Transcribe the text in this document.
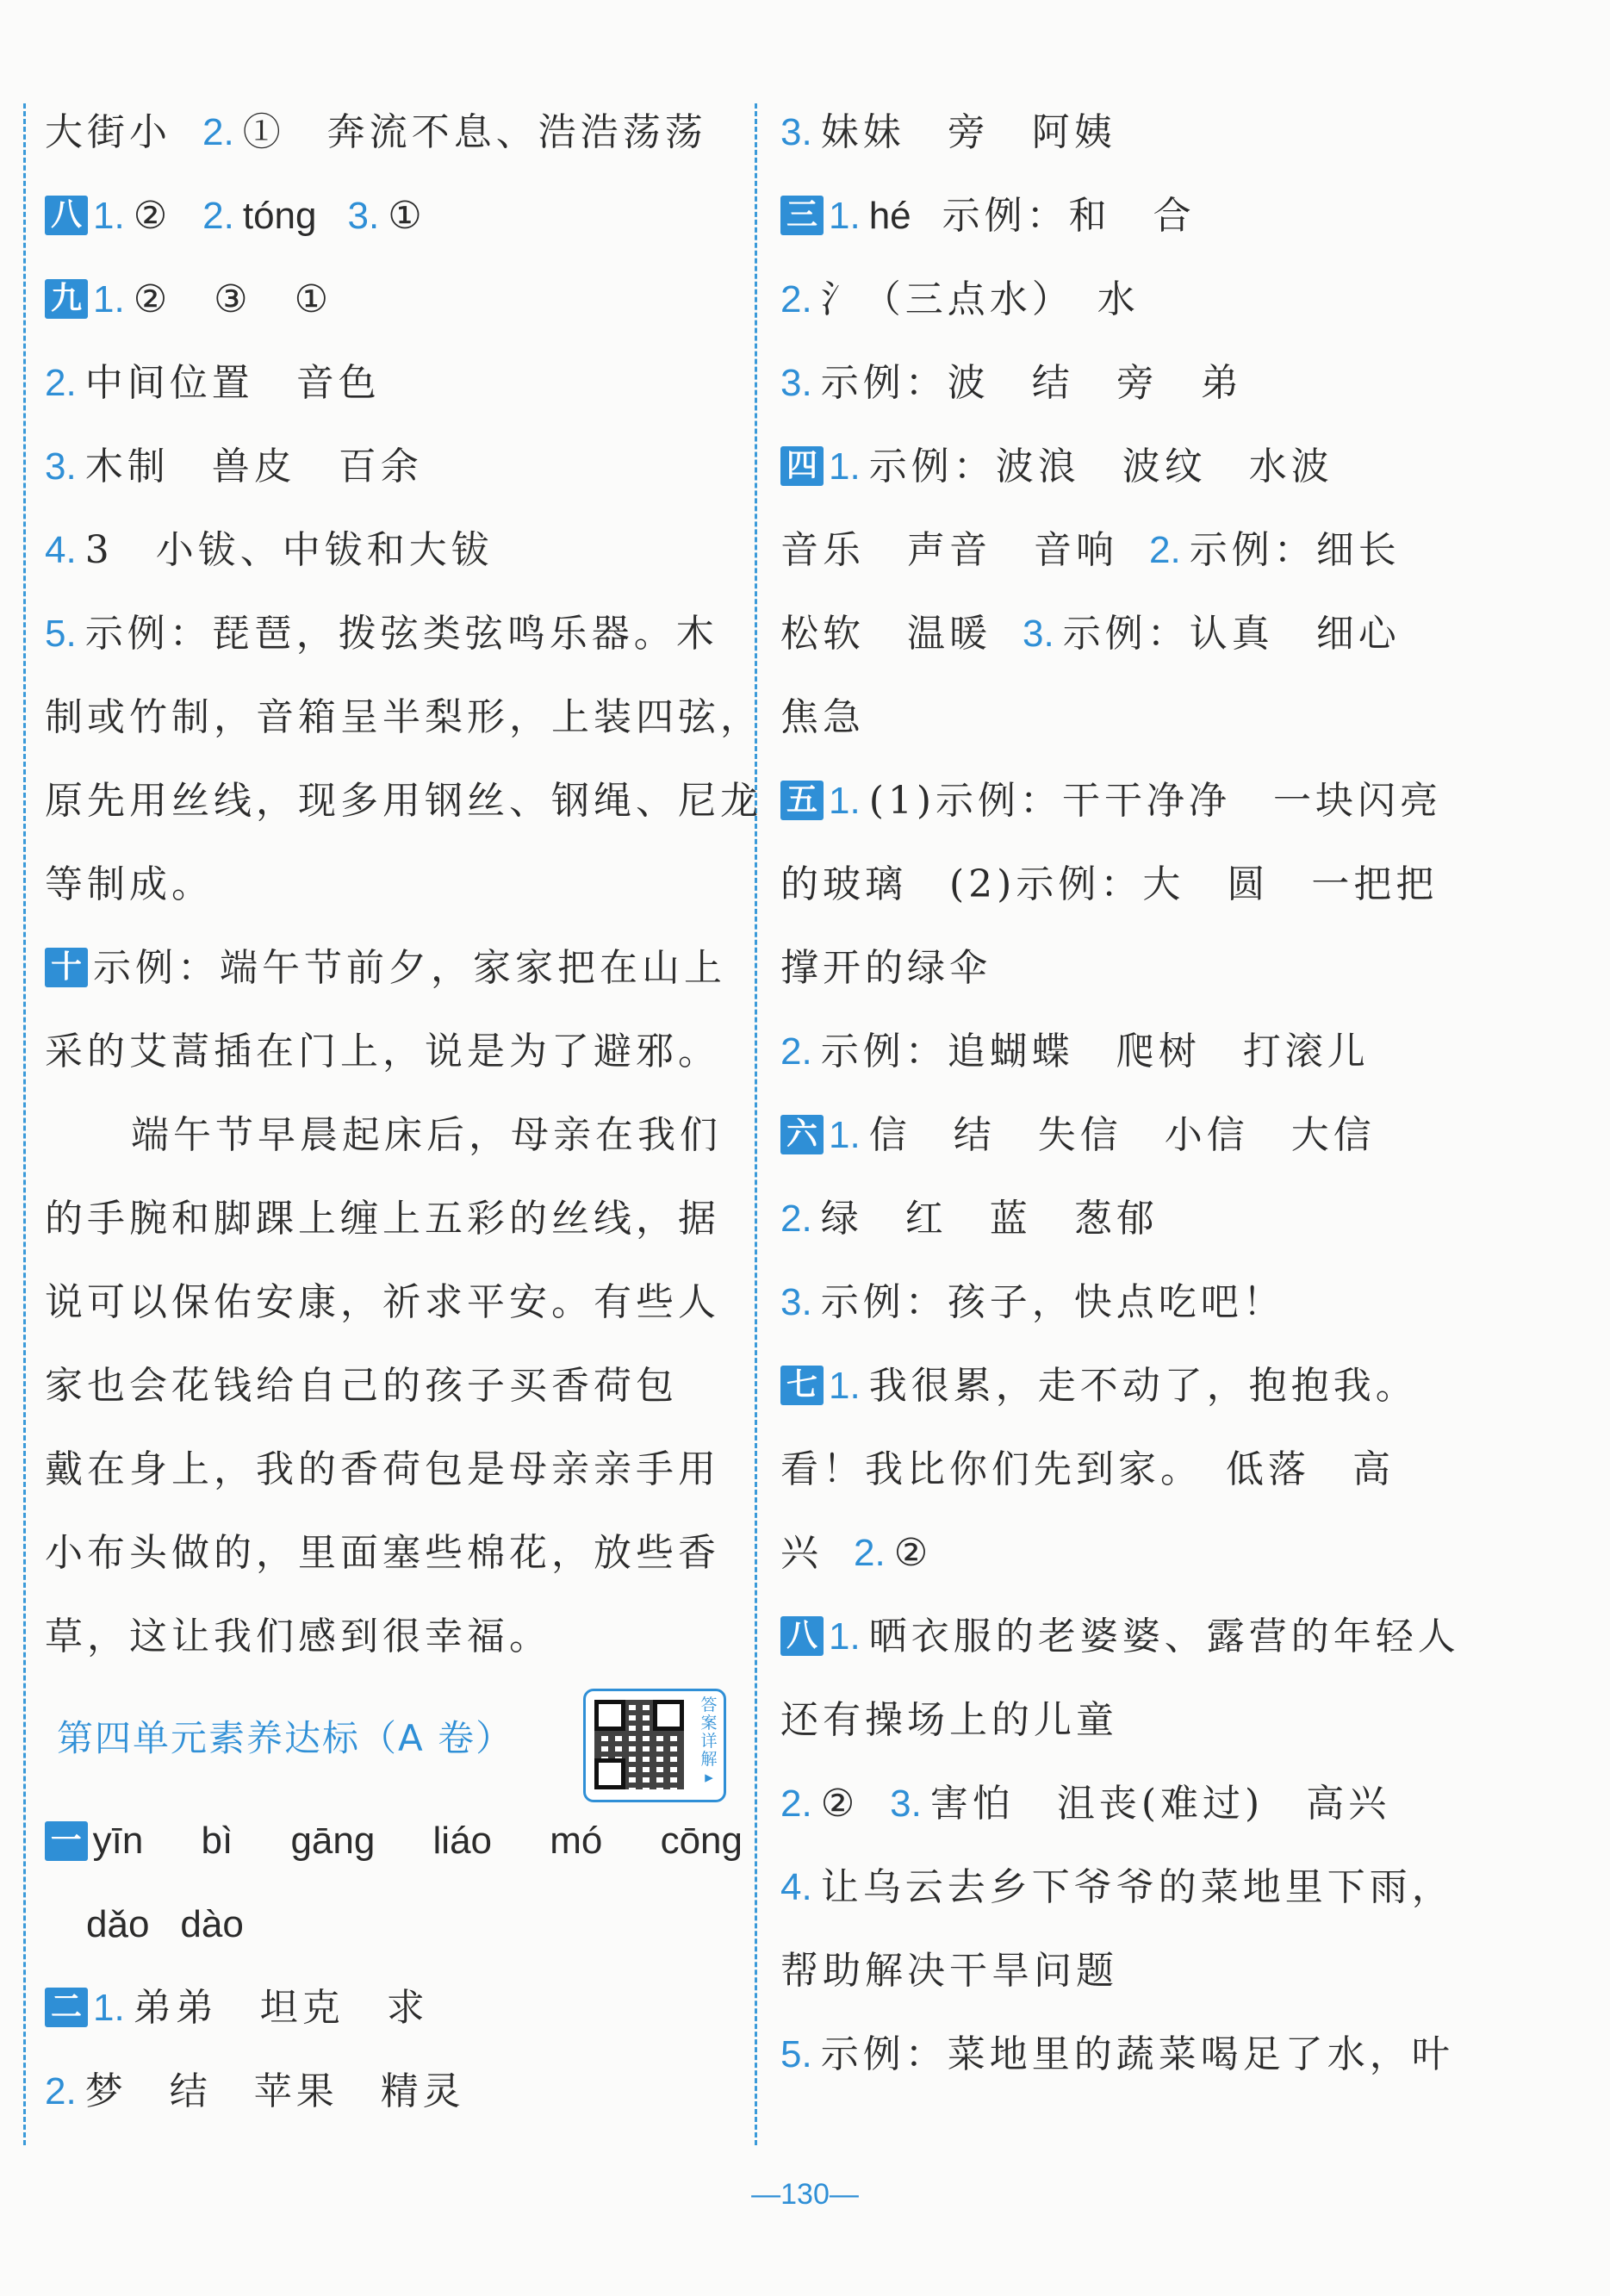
大街小 2. ①　奔流不息、浩浩荡荡
八 1. ② 2. tóng 3. ①
九 1. ②　③　①
2. 中间位置　音色
3. 木制　兽皮　百余
4. 3　小钹、中钹和大钹
5. 示例：琵琶，拨弦类弦鸣乐器。木
制或竹制，音箱呈半梨形，上装四弦，
原先用丝线，现多用钢丝、钢绳、尼龙
等制成。
十 示例：端午节前夕，家家把在山上
采的艾蒿插在门上，说是为了避邪。
端午节早晨起床后，母亲在我们
的手腕和脚踝上缠上五彩的丝线，据
说可以保佑安康，祈求平安。有些人
家也会花钱给自己的孩子买香荷包
戴在身上，我的香荷包是母亲亲手用
小布头做的，里面塞些棉花，放些香
草，这让我们感到很幸福。
第四单元素养达标（A 卷）
答案详解▸
一 yīn bì gāng liáo mó cōng
dǎo dào
二 1. 弟弟　坦克　求
2. 梦　结　苹果　精灵
3. 妹妹　旁　阿姨
三 1. hé 示例：和　合
2. 氵（三点水）　水
3. 示例：波　结　旁　弟
四 1. 示例：波浪　波纹　水波
音乐　声音　音响 2. 示例：细长
松软　温暖 3. 示例：认真　细心
焦急
五 1. (1)示例：干干净净　一块闪亮
的玻璃　(2)示例：大　圆　一把把
撑开的绿伞
2. 示例：追蝴蝶　爬树　打滚儿
六 1. 信　结　失信　小信　大信
2. 绿　红　蓝　葱郁
3. 示例：孩子，快点吃吧！
七 1. 我很累，走不动了，抱抱我。
看！我比你们先到家。　低落　高
兴 2. ②
八 1. 晒衣服的老婆婆、露营的年轻人
还有操场上的儿童
2. ② 3. 害怕　沮丧(难过)　高兴
4. 让乌云去乡下爷爷的菜地里下雨，
帮助解决干旱问题
5. 示例：菜地里的蔬菜喝足了水，叶
—130—
